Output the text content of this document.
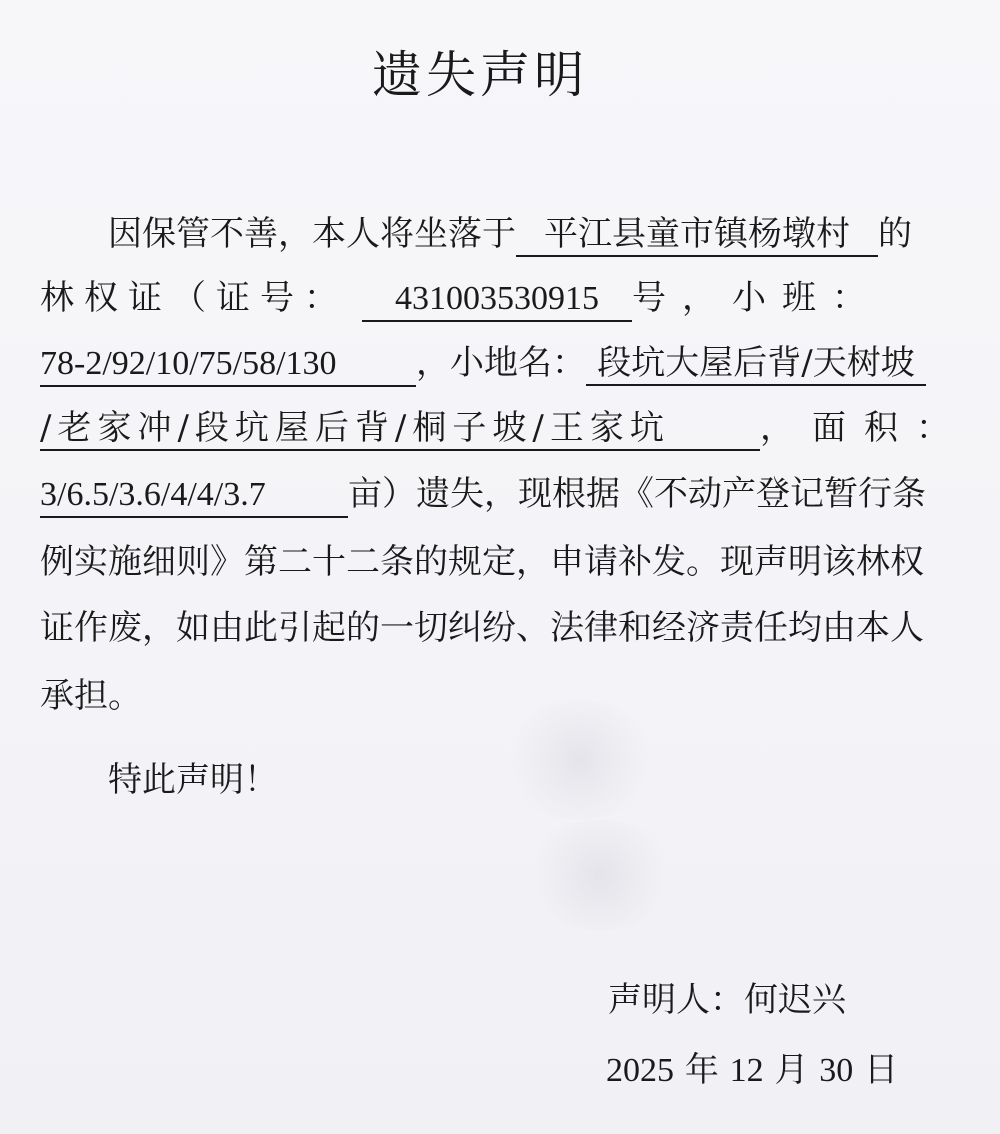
遗失声明
因保管不善，本人将坐落于 平江县童市镇杨墩村 的
林权证（证号： 431003530915 号，小班：
78-2/92/10/75/58/130 ，小地名： 段坑大屋后背/天树坡
/老家冲/段坑屋后背/桐子坡/王家坑	，面积：
3/6.5/3.6/4/4/3.7 亩）遗失，现根据《不动产登记暂行条
例实施细则》第二十二条的规定，申请补发。现声明该林权
证作废，如由此引起的一切纠纷、法律和经济责任均由本人
承担。
特此声明！
声明人：何迟兴
2025 年 12 月 30 日
